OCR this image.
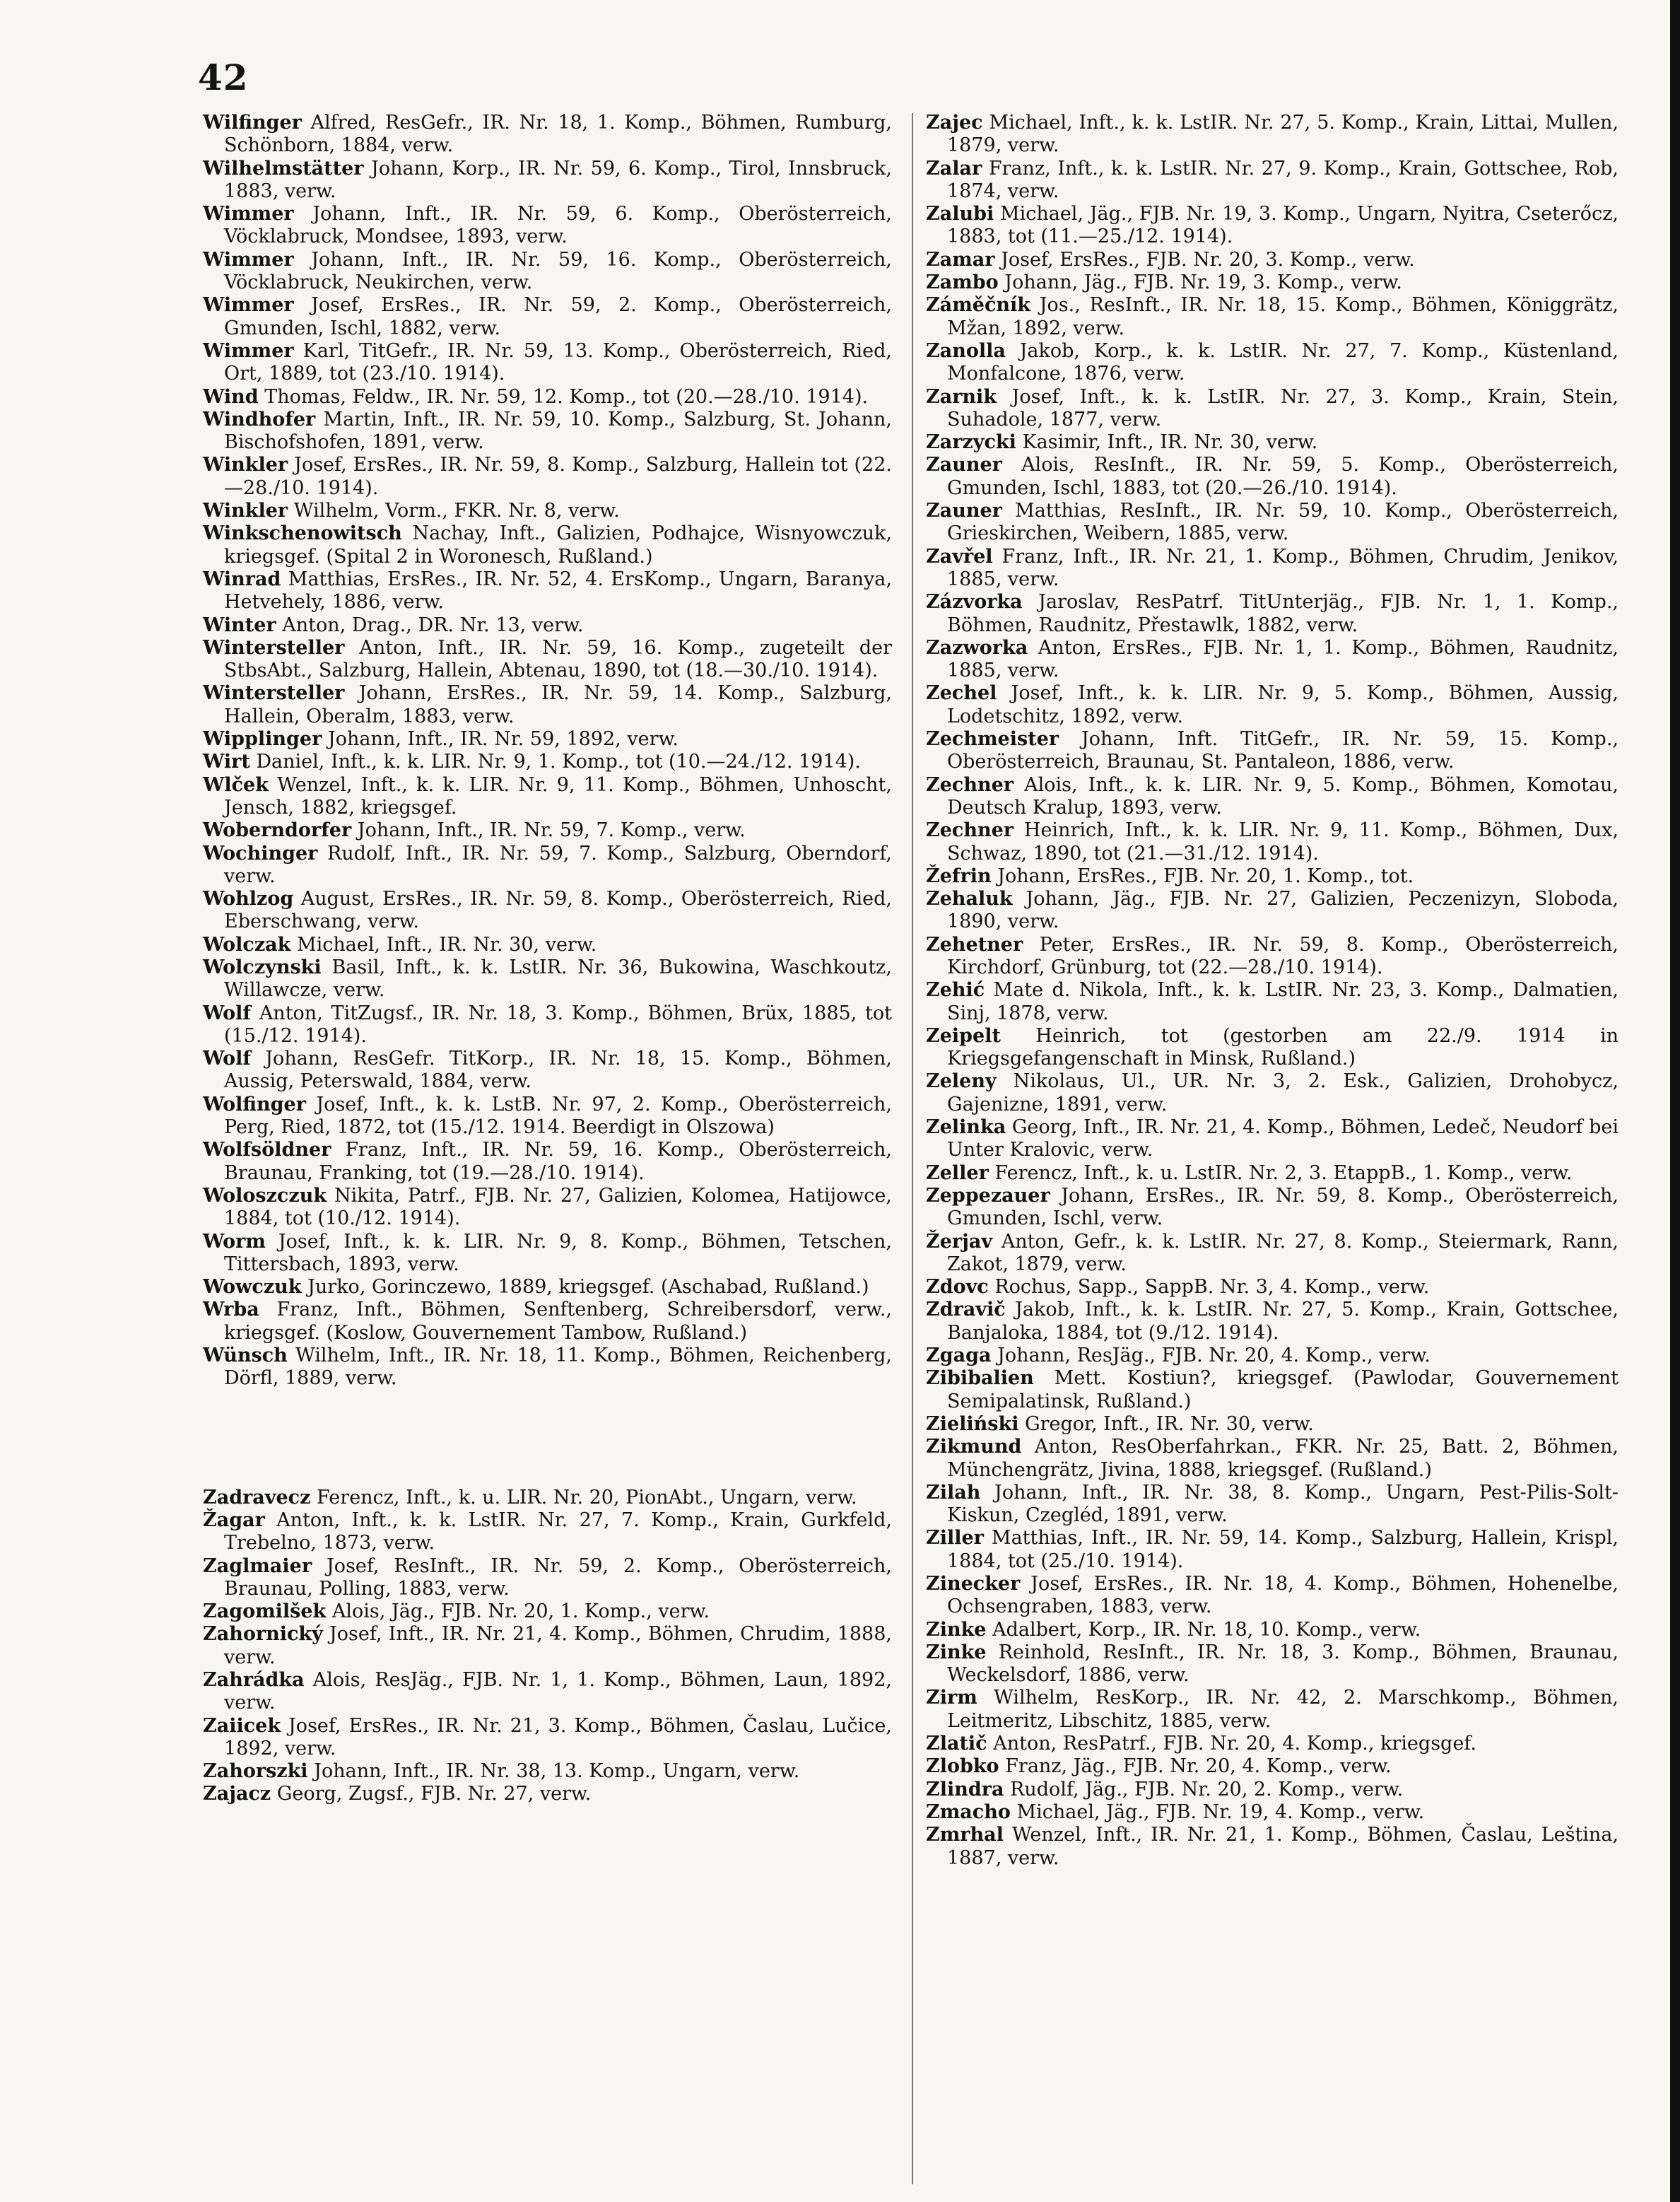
42
Wilfinger Alfred, ResGefr., IR. Nr. 18, 1. Komp., Böhmen, Rumburg, Schönborn, 1884, verw.
Wilhelmstätter Johann, Korp., IR. Nr. 59, 6. Komp., Tirol, Innsbruck, 1883, verw.
Wimmer Johann, Inft., IR. Nr. 59, 6. Komp., Oberösterreich, Vöcklabruck, Mondsee, 1893, verw.
Wimmer Johann, Inft., IR. Nr. 59, 16. Komp., Oberösterreich, Vöcklabruck, Neukirchen, verw.
Wimmer Josef, ErsRes., IR. Nr. 59, 2. Komp., Oberösterreich, Gmunden, Ischl, 1882, verw.
Wimmer Karl, TitGefr., IR. Nr. 59, 13. Komp., Oberösterreich, Ried, Ort, 1889, tot (23./10. 1914).
Wind Thomas, Feldw., IR. Nr. 59, 12. Komp., tot (20.—28./10. 1914).
Windhofer Martin, Inft., IR. Nr. 59, 10. Komp., Salzburg, St. Johann, Bischofshofen, 1891, verw.
Winkler Josef, ErsRes., IR. Nr. 59, 8. Komp., Salzburg, Hallein tot (22.—28./10. 1914).
Winkler Wilhelm, Vorm., FKR. Nr. 8, verw.
Winkschenowitsch Nachay, Inft., Galizien, Podhajce, Wisnyowczuk, kriegsgef. (Spital 2 in Woronesch, Rußland.)
Winrad Matthias, ErsRes., IR. Nr. 52, 4. ErsKomp., Ungarn, Baranya, Hetvehely, 1886, verw.
Winter Anton, Drag., DR. Nr. 13, verw.
Wintersteller Anton, Inft., IR. Nr. 59, 16. Komp., zugeteilt der StbsAbt., Salzburg, Hallein, Abtenau, 1890, tot (18.—30./10. 1914).
Wintersteller Johann, ErsRes., IR. Nr. 59, 14. Komp., Salzburg, Hallein, Oberalm, 1883, verw.
Wipplinger Johann, Inft., IR. Nr. 59, 1892, verw.
Wirt Daniel, Inft., k. k. LIR. Nr. 9, 1. Komp., tot (10.—24./12. 1914).
Wlček Wenzel, Inft., k. k. LIR. Nr. 9, 11. Komp., Böhmen, Unhoscht, Jensch, 1882, kriegsgef.
Woberndorfer Johann, Inft., IR. Nr. 59, 7. Komp., verw.
Wochinger Rudolf, Inft., IR. Nr. 59, 7. Komp., Salzburg, Oberndorf, verw.
Wohlzog August, ErsRes., IR. Nr. 59, 8. Komp., Oberösterreich, Ried, Eberschwang, verw.
Wolczak Michael, Inft., IR. Nr. 30, verw.
Wolczynski Basil, Inft., k. k. LstIR. Nr. 36, Bukowina, Waschkoutz, Willawcze, verw.
Wolf Anton, TitZugsf., IR. Nr. 18, 3. Komp., Böhmen, Brüx, 1885, tot (15./12. 1914).
Wolf Johann, ResGefr. TitKorp., IR. Nr. 18, 15. Komp., Böhmen, Aussig, Peterswald, 1884, verw.
Wolfinger Josef, Inft., k. k. LstB. Nr. 97, 2. Komp., Oberösterreich, Perg, Ried, 1872, tot (15./12. 1914. Beerdigt in Olszowa)
Wolfsöldner Franz, Inft., IR. Nr. 59, 16. Komp., Oberösterreich, Braunau, Franking, tot (19.—28./10. 1914).
Woloszczuk Nikita, Patrf., FJB. Nr. 27, Galizien, Kolomea, Hatijowce, 1884, tot (10./12. 1914).
Worm Josef, Inft., k. k. LIR. Nr. 9, 8. Komp., Böhmen, Tetschen, Tittersbach, 1893, verw.
Wowczuk Jurko, Gorinczewo, 1889, kriegsgef. (Aschabad, Rußland.)
Wrba Franz, Inft., Böhmen, Senftenberg, Schreibersdorf, verw., kriegsgef. (Koslow, Gouvernement Tambow, Rußland.)
Wünsch Wilhelm, Inft., IR. Nr. 18, 11. Komp., Böhmen, Reichenberg, Dörfl, 1889, verw.
Zadravecz Ferencz, Inft., k. u. LIR. Nr. 20, PionAbt., Ungarn, verw.
Žagar Anton, Inft., k. k. LstIR. Nr. 27, 7. Komp., Krain, Gurkfeld, Trebelno, 1873, verw.
Zaglmaier Josef, ResInft., IR. Nr. 59, 2. Komp., Oberösterreich, Braunau, Polling, 1883, verw.
Zagomilšek Alois, Jäg., FJB. Nr. 20, 1. Komp., verw.
Zahornický Josef, Inft., IR. Nr. 21, 4. Komp., Böhmen, Chrudim, 1888, verw.
Zahrádka Alois, ResJäg., FJB. Nr. 1, 1. Komp., Böhmen, Laun, 1892, verw.
Zaiicek Josef, ErsRes., IR. Nr. 21, 3. Komp., Böhmen, Časlau, Lučice, 1892, verw.
Zahorszki Johann, Inft., IR. Nr. 38, 13. Komp., Ungarn, verw.
Zajacz Georg, Zugsf., FJB. Nr. 27, verw.
Zajec Michael, Inft., k. k. LstIR. Nr. 27, 5. Komp., Krain, Littai, Mullen, 1879, verw.
Zalar Franz, Inft., k. k. LstIR. Nr. 27, 9. Komp., Krain, Gottschee, Rob, 1874, verw.
Zalubi Michael, Jäg., FJB. Nr. 19, 3. Komp., Ungarn, Nyitra, Cseterőcz, 1883, tot (11.—25./12. 1914).
Zamar Josef, ErsRes., FJB. Nr. 20, 3. Komp., verw.
Zambo Johann, Jäg., FJB. Nr. 19, 3. Komp., verw.
Záměčník Jos., ResInft., IR. Nr. 18, 15. Komp., Böhmen, Königgrätz, Mžan, 1892, verw.
Zanolla Jakob, Korp., k. k. LstIR. Nr. 27, 7. Komp., Küstenland, Monfalcone, 1876, verw.
Zarnik Josef, Inft., k. k. LstIR. Nr. 27, 3. Komp., Krain, Stein, Suhadole, 1877, verw.
Zarzycki Kasimir, Inft., IR. Nr. 30, verw.
Zauner Alois, ResInft., IR. Nr. 59, 5. Komp., Oberösterreich, Gmunden, Ischl, 1883, tot (20.—26./10. 1914).
Zauner Matthias, ResInft., IR. Nr. 59, 10. Komp., Oberösterreich, Grieskirchen, Weibern, 1885, verw.
Zavřel Franz, Inft., IR. Nr. 21, 1. Komp., Böhmen, Chrudim, Jenikov, 1885, verw.
Zázvorka Jaroslav, ResPatrf. TitUnterjäg., FJB. Nr. 1, 1. Komp., Böhmen, Raudnitz, Přestawlk, 1882, verw.
Zazworka Anton, ErsRes., FJB. Nr. 1, 1. Komp., Böhmen, Raudnitz, 1885, verw.
Zechel Josef, Inft., k. k. LIR. Nr. 9, 5. Komp., Böhmen, Aussig, Lodetschitz, 1892, verw.
Zechmeister Johann, Inft. TitGefr., IR. Nr. 59, 15. Komp., Oberösterreich, Braunau, St. Pantaleon, 1886, verw.
Zechner Alois, Inft., k. k. LIR. Nr. 9, 5. Komp., Böhmen, Komotau, Deutsch Kralup, 1893, verw.
Zechner Heinrich, Inft., k. k. LIR. Nr. 9, 11. Komp., Böhmen, Dux, Schwaz, 1890, tot (21.—31./12. 1914).
Žefrin Johann, ErsRes., FJB. Nr. 20, 1. Komp., tot.
Zehaluk Johann, Jäg., FJB. Nr. 27, Galizien, Peczenizyn, Sloboda, 1890, verw.
Zehetner Peter, ErsRes., IR. Nr. 59, 8. Komp., Oberösterreich, Kirchdorf, Grünburg, tot (22.—28./10. 1914).
Zehić Mate d. Nikola, Inft., k. k. LstIR. Nr. 23, 3. Komp., Dalmatien, Sinj, 1878, verw.
Zeipelt Heinrich, tot (gestorben am 22./9. 1914 in Kriegsgefangenschaft in Minsk, Rußland.)
Zeleny Nikolaus, Ul., UR. Nr. 3, 2. Esk., Galizien, Drohobycz, Gajenizne, 1891, verw.
Zelinka Georg, Inft., IR. Nr. 21, 4. Komp., Böhmen, Ledeč, Neudorf bei Unter Kralovic, verw.
Zeller Ferencz, Inft., k. u. LstIR. Nr. 2, 3. EtappB., 1. Komp., verw.
Zeppezauer Johann, ErsRes., IR. Nr. 59, 8. Komp., Oberösterreich, Gmunden, Ischl, verw.
Žerjav Anton, Gefr., k. k. LstIR. Nr. 27, 8. Komp., Steiermark, Rann, Zakot, 1879, verw.
Zdovc Rochus, Sapp., SappB. Nr. 3, 4. Komp., verw.
Zdravič Jakob, Inft., k. k. LstIR. Nr. 27, 5. Komp., Krain, Gottschee, Banjaloka, 1884, tot (9./12. 1914).
Zgaga Johann, ResJäg., FJB. Nr. 20, 4. Komp., verw.
Zibibalien Mett. Kostiun?, kriegsgef. (Pawlodar, Gouvernement Semipalatinsk, Rußland.)
Zieliński Gregor, Inft., IR. Nr. 30, verw.
Zikmund Anton, ResOberfahrkan., FKR. Nr. 25, Batt. 2, Böhmen, Münchengrätz, Jivina, 1888, kriegsgef. (Rußland.)
Zilah Johann, Inft., IR. Nr. 38, 8. Komp., Ungarn, Pest-Pilis-Solt-Kiskun, Czegléd, 1891, verw.
Ziller Matthias, Inft., IR. Nr. 59, 14. Komp., Salzburg, Hallein, Krispl, 1884, tot (25./10. 1914).
Zinecker Josef, ErsRes., IR. Nr. 18, 4. Komp., Böhmen, Hohenelbe, Ochsengraben, 1883, verw.
Zinke Adalbert, Korp., IR. Nr. 18, 10. Komp., verw.
Zinke Reinhold, ResInft., IR. Nr. 18, 3. Komp., Böhmen, Braunau, Weckelsdorf, 1886, verw.
Zirm Wilhelm, ResKorp., IR. Nr. 42, 2. Marschkomp., Böhmen, Leitmeritz, Libschitz, 1885, verw.
Zlatič Anton, ResPatrf., FJB. Nr. 20, 4. Komp., kriegsgef.
Zlobko Franz, Jäg., FJB. Nr. 20, 4. Komp., verw.
Zlindra Rudolf, Jäg., FJB. Nr. 20, 2. Komp., verw.
Zmacho Michael, Jäg., FJB. Nr. 19, 4. Komp., verw.
Zmrhal Wenzel, Inft., IR. Nr. 21, 1. Komp., Böhmen, Časlau, Leština, 1887, verw.
